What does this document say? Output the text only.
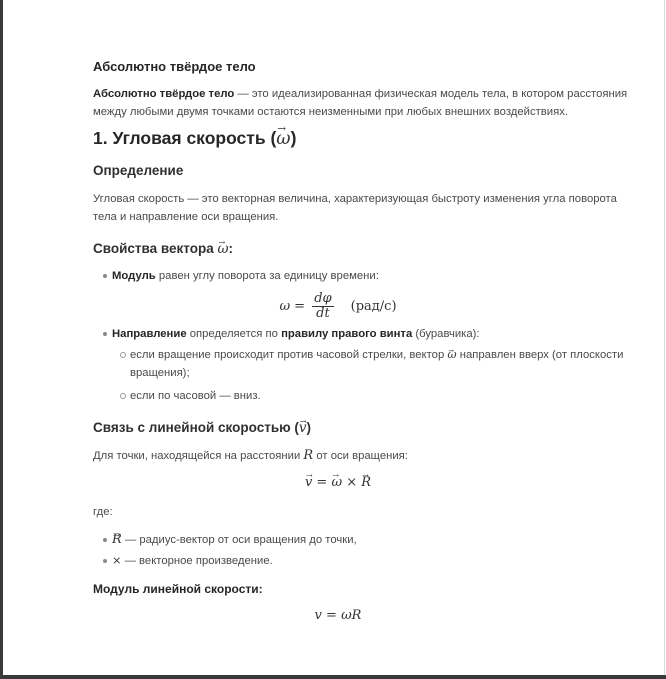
Абсолютно твёрдое тело
Абсолютно твёрдое тело — это идеализированная физическая модель тела, в котором расстояния
между любыми двумя точками остаются неизменными при любых внешних воздействиях.
1. Угловая скорость (→ ω)
Определение
Угловая скорость — это векторная величина, характеризующая быстроту изменения угла поворота
тела и направление оси вращения.
Свойства вектора → ω:
Модуль равен углу поворота за единицу времени:
$\omega = \frac{d\varphi}{dt} (рад/с)$
Направление определяется по правилу правого винта (буравчика):
если вращение происходит против часовой стрелки, вектор → ω направлен вверх (от плоскости
вращения);
если по часовой — вниз.
Связь с линейной скоростью (→ v)
Для точки, находящейся на расстоянии R от оси вращения:
→ v = → ω × → R
где:
→ R — радиус-вектор от оси вращения до точки,
× — векторное произведение.
Модуль линейной скорости:
v = ωR
